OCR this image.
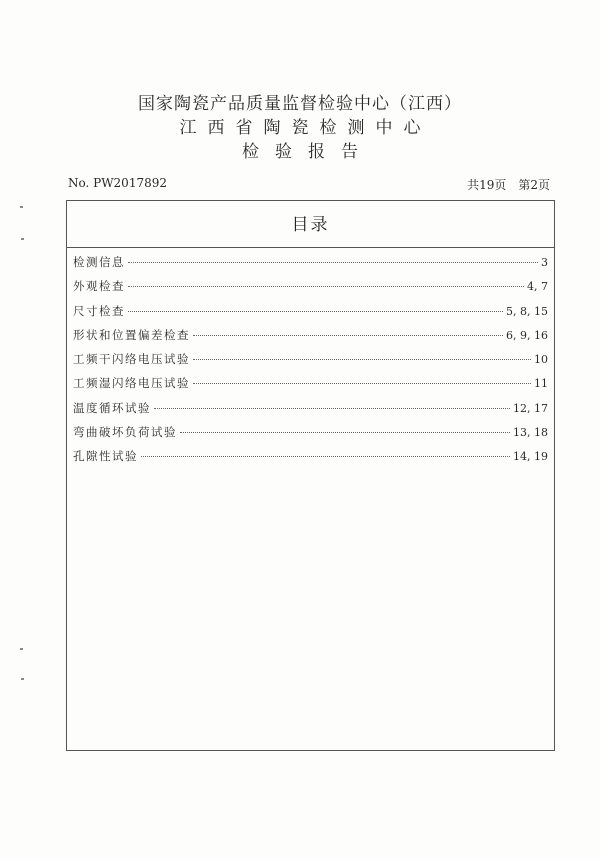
国家陶瓷产品质量监督检验中心（江西）
江西省陶瓷检测中心
检验报告
No. PW2017892	共19页 第2页
目录
检测信息	3
外观检查	4, 7
尺寸检查	5, 8, 15
形状和位置偏差检查	6, 9, 16
工频干闪络电压试验	10
工频湿闪络电压试验	11
温度循环试验	12, 17
弯曲破坏负荷试验	13, 18
孔隙性试验	14, 19
